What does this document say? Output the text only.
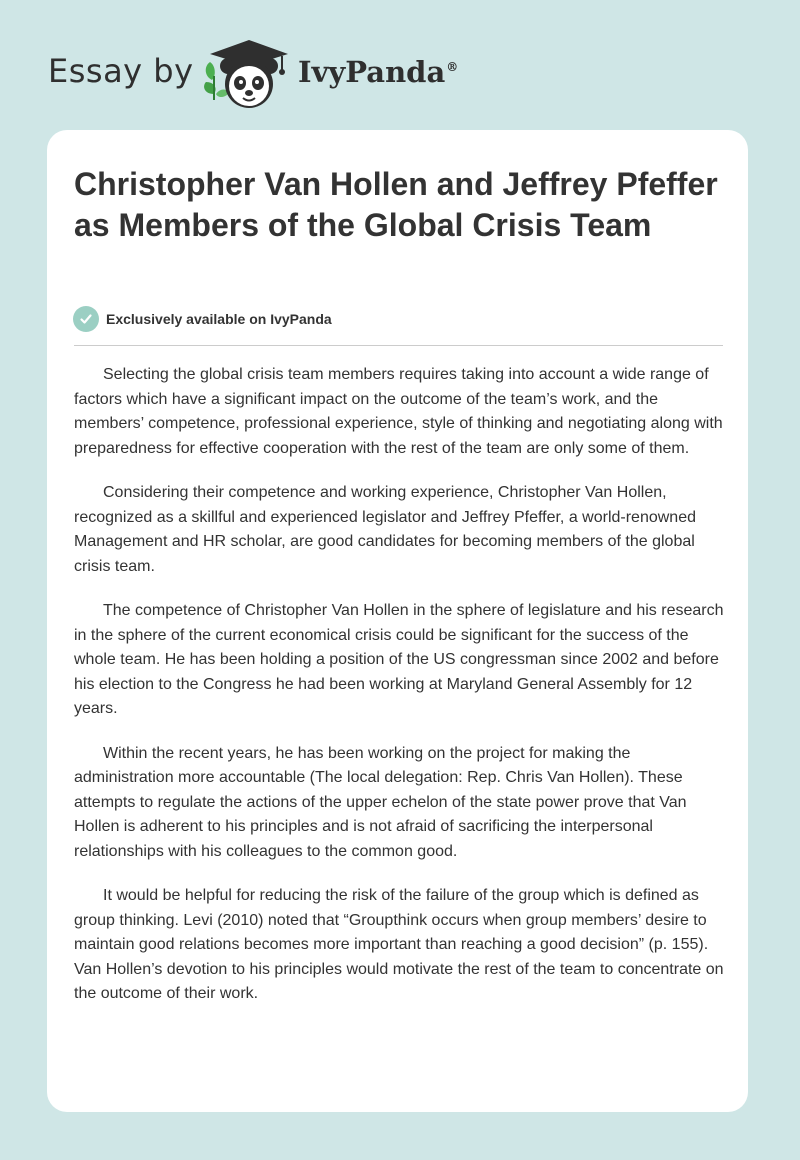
Essay by	IvyPanda®
Christopher Van Hollen and Jeffrey Pfeffer as Members of the Global Crisis Team
Exclusively available on IvyPanda

Selecting the global crisis team members requires taking into account a wide range of factors which have a significant impact on the outcome of the team’s work, and the members’ competence, professional experience, style of thinking and negotiating along with preparedness for effective cooperation with the rest of the team are only some of them.

Considering their competence and working experience, Christopher Van Hollen, recognized as a skillful and experienced legislator and Jeffrey Pfeffer, a world-renowned Management and HR scholar, are good candidates for becoming members of the global crisis team.

The competence of Christopher Van Hollen in the sphere of legislature and his research in the sphere of the current economical crisis could be significant for the success of the whole team. He has been holding a position of the US congressman since 2002 and before his election to the Congress he had been working at Maryland General Assembly for 12 years.

Within the recent years, he has been working on the project for making the administration more accountable (The local delegation: Rep. Chris Van Hollen). These attempts to regulate the actions of the upper echelon of the state power prove that Van Hollen is adherent to his principles and is not afraid of sacrificing the interpersonal relationships with his colleagues to the common good.

It would be helpful for reducing the risk of the failure of the group which is defined as group thinking. Levi (2010) noted that “Groupthink occurs when group members’ desire to maintain good relations becomes more important than reaching a good decision” (p. 155). Van Hollen’s devotion to his principles would motivate the rest of the team to concentrate on the outcome of their work.
